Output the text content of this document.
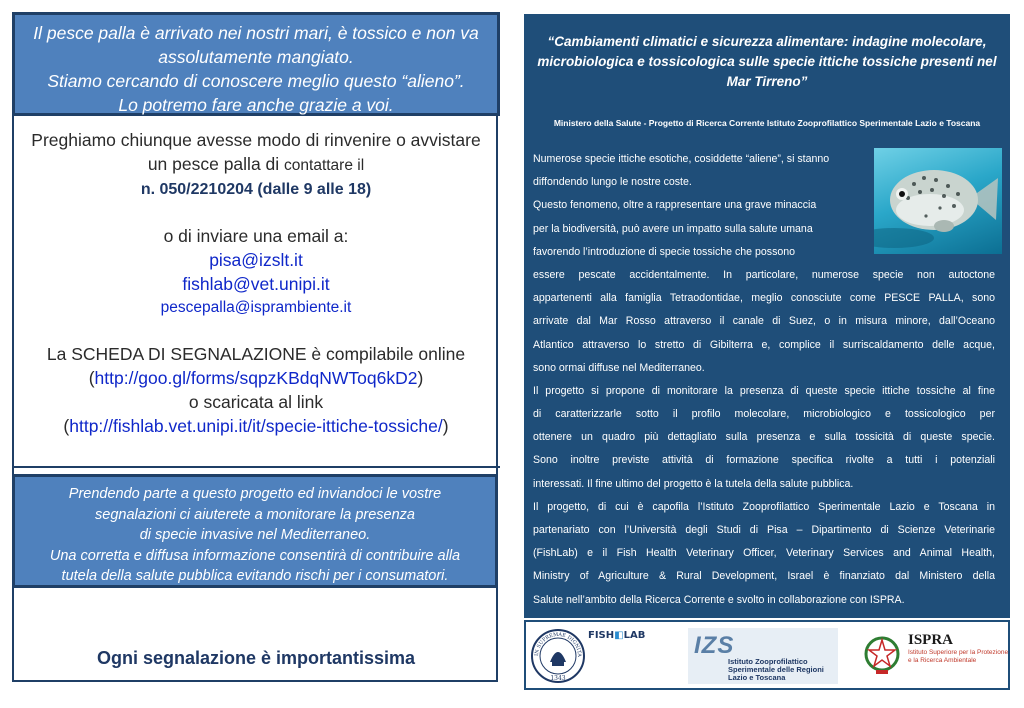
Il pesce palla è arrivato nei nostri mari, è tossico e non va
assolutamente mangiato.
Stiamo cercando di conoscere meglio questo “alieno”.
Lo potremo fare anche grazie a voi.
Preghiamo chiunque avesse modo di rinvenire o avvistare
un pesce palla di contattare il
n. 050/2210204 (dalle 9 alle 18)
o di inviare una email a:
pisa@izslt.it
fishlab@vet.unipi.it
pescepalla@isprambiente.it
La SCHEDA DI SEGNALAZIONE è compilabile online
(http://goo.gl/forms/sqpzKBdqNWToq6kD2)
o scaricata al link
(http://fishlab.vet.unipi.it/it/specie-ittiche-tossiche/)
Prendendo parte a questo progetto ed inviandoci le vostre
segnalazioni ci aiuterete a monitorare la presenza
di specie invasive nel Mediterraneo.
Una corretta e diffusa informazione consentirà di contribuire alla
tutela della salute pubblica evitando rischi per i consumatori.
Ogni segnalazione è importantissima
“Cambiamenti climatici e sicurezza alimentare: indagine molecolare,
microbiologica e tossicologica sulle specie ittiche tossiche presenti nel
Mar Tirreno”
Ministero della Salute - Progetto di Ricerca Corrente Istituto Zooprofilattico Sperimentale Lazio e Toscana
Numerose specie ittiche esotiche, cosiddette “aliene”, si stanno
diffondendo lungo le nostre coste.
Questo fenomeno, oltre a rappresentare una grave minaccia
per la biodiversità, può avere un impatto sulla salute umana
favorendo l’introduzione di specie tossiche che possono
essere pescate accidentalmente. In particolare, numerose specie non autoctone
appartenenti alla famiglia Tetraodontidae, meglio conosciute come PESCE PALLA, sono
arrivate dal Mar Rosso attraverso il canale di Suez, o in misura minore, dall’Oceano
Atlantico attraverso lo stretto di Gibilterra e, complice il surriscaldamento delle acque,
sono ormai diffuse nel Mediterraneo.
Il progetto si propone di monitorare la presenza di queste specie ittiche tossiche al fine
di caratterizzarle sotto il profilo molecolare, microbiologico e tossicologico per
ottenere un quadro più dettagliato sulla presenza e sulla tossicità di queste specie.
Sono inoltre previste attività di formazione specifica rivolte a tutti i potenziali
interessati. Il fine ultimo del progetto è la tutela della salute pubblica.
Il progetto, di cui è capofila l’Istituto Zooprofilattico Sperimentale Lazio e Toscana in
partenariato con l’Università degli Studi di Pisa – Dipartimento di Scienze Veterinarie
(FishLab) e il Fish Health Veterinary Officer, Veterinary Services and Animal Health,
Ministry of Agriculture & Rural Development, Israel è finanziato dal Ministero della
Salute nell’ambito della Ricerca Corrente e svolto in collaborazione con ISPRA.
IN SUPREMAE DIGNITA
1343
FISH◧LAB IZS
Istituto Zooprofilattico
Sperimentale delle Regioni
Lazio e Toscana
ISPRA
Istituto Superiore per la Protezione
e la Ricerca Ambientale
